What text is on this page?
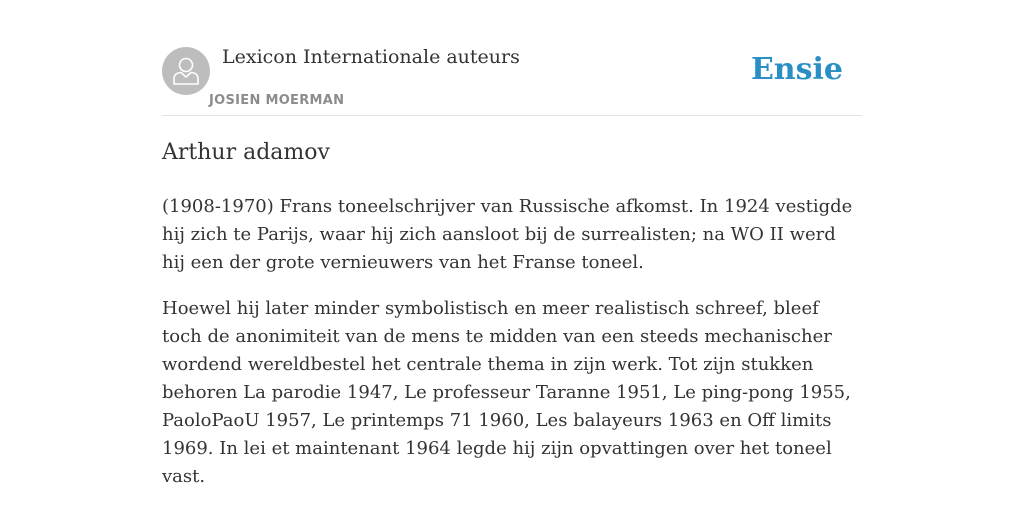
Lexicon Internationale auteurs
JOSIEN MOERMAN
Ensie
Arthur adamov

(1908-1970) Frans toneelschrijver van Russische afkomst. In 1924 vestigde hij zich te Parijs, waar hij zich aansloot bij de surrealisten; na WO II werd hij een der grote vernieuwers van het Franse toneel.

Hoewel hij later minder symbolistisch en meer realistisch schreef, bleef toch de anonimiteit van de mens te midden van een steeds mechanischer wordend wereldbestel het centrale thema in zijn werk. Tot zijn stukken behoren La parodie 1947, Le professeur Taranne 1951, Le ping-pong 1955, PaoloPaoU 1957, Le printemps 71 1960, Les balayeurs 1963 en Off limits 1969. In lei et maintenant 1964 legde hij zijn opvattingen over het toneel vast.
